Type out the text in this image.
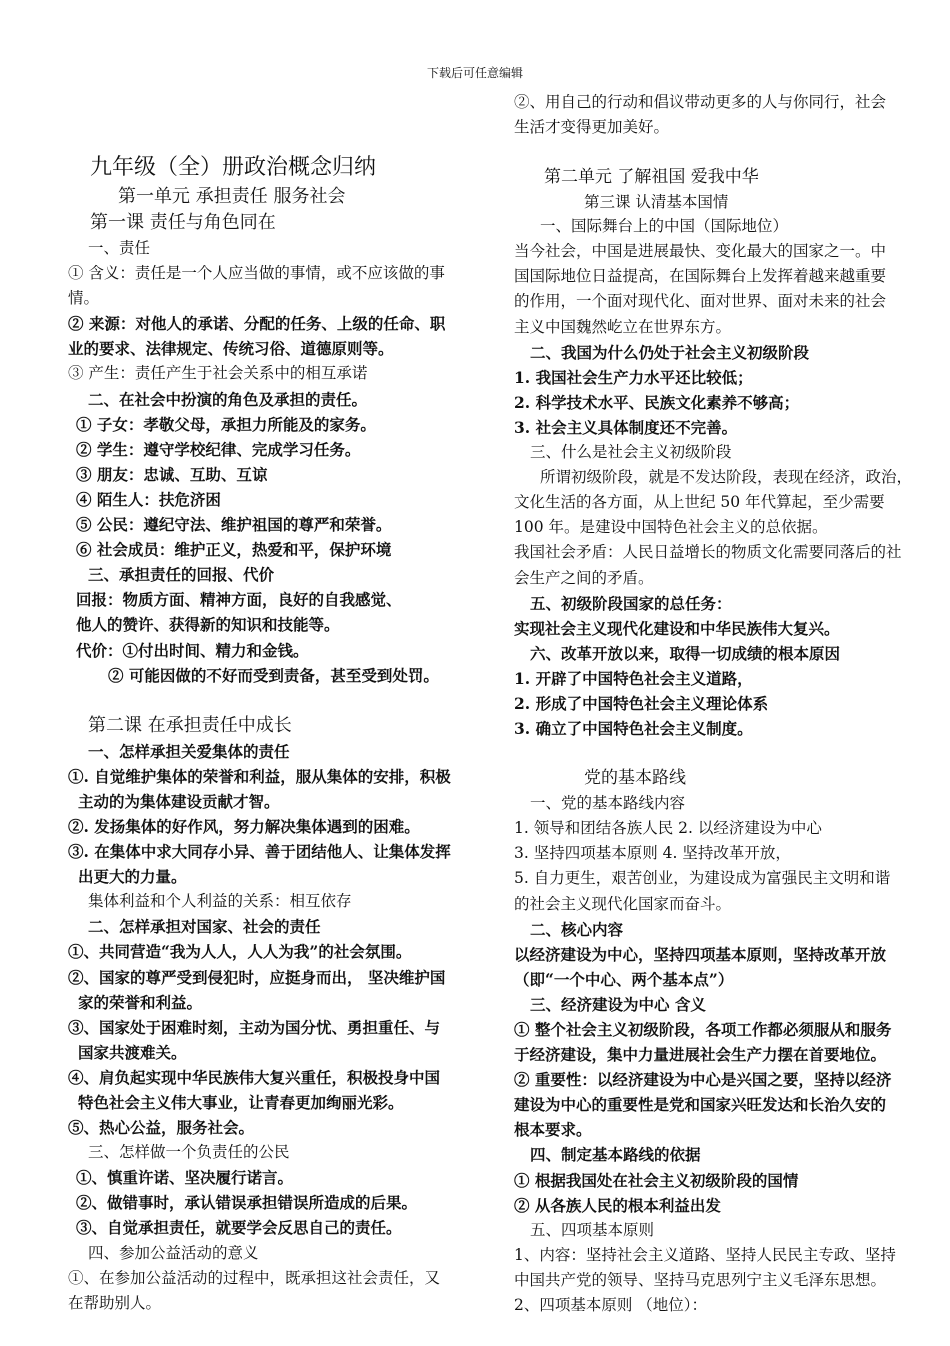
下载后可任意编辑
九年级（全）册政治概念归纳
第一单元 承担责任 服务社会
第一课 责任与角色同在
一、责任
① 含义：责任是一个人应当做的事情，或不应该做的事
情。
② 来源：对他人的承诺、分配的任务、上级的任命、职
业的要求、法律规定、传统习俗、道德原则等。
③ 产生：责任产生于社会关系中的相互承诺
二、在社会中扮演的角色及承担的责任。
① 子女：孝敬父母，承担力所能及的家务。
② 学生：遵守学校纪律、完成学习任务。
③ 朋友：忠诚、互助、互谅
④ 陌生人：扶危济困
⑤ 公民：遵纪守法、维护祖国的尊严和荣誉。
⑥ 社会成员：维护正义，热爱和平，保护环境
三、承担责任的回报、代价
回报：物质方面、精神方面，良好的自我感觉、
他人的赞许、获得新的知识和技能等。
代价：①付出时间、精力和金钱。
② 可能因做的不好而受到责备，甚至受到处罚。
第二课 在承担责任中成长
一、怎样承担关爱集体的责任
①. 自觉维护集体的荣誉和利益，服从集体的安排，积极
主动的为集体建设贡献才智。
②. 发扬集体的好作风，努力解决集体遇到的困难。
③. 在集体中求大同存小异、善于团结他人、让集体发挥
出更大的力量。
集体利益和个人利益的关系：相互依存
二、怎样承担对国家、社会的责任
①、共同营造“我为人人，人人为我”的社会氛围。
②、国家的尊严受到侵犯时，应挺身而出， 坚决维护国
家的荣誉和利益。
③、国家处于困难时刻，主动为国分忧、勇担重任、与
国家共渡难关。
④、肩负起实现中华民族伟大复兴重任，积极投身中国
特色社会主义伟大事业，让青春更加绚丽光彩。
⑤、热心公益，服务社会。
三、怎样做一个负责任的公民
①、慎重许诺、坚决履行诺言。
②、做错事时，承认错误承担错误所造成的后果。
③、自觉承担责任，就要学会反思自己的责任。
四、参加公益活动的意义
①、在参加公益活动的过程中，既承担这社会责任，又
在帮助别人。
②、用自己的行动和倡议带动更多的人与你同行，社会
生活才变得更加美好。
第二单元 了解祖国 爱我中华
第三课 认清基本国情
一、国际舞台上的中国（国际地位）
当今社会，中国是进展最快、变化最大的国家之一。中
国国际地位日益提高，在国际舞台上发挥着越来越重要
的作用，一个面对现代化、面对世界、面对未来的社会
主义中国魏然屹立在世界东方。
二、我国为什么仍处于社会主义初级阶段
1. 我国社会生产力水平还比较低；
2. 科学技术水平、民族文化素养不够高；
3. 社会主义具体制度还不完善。
三、什么是社会主义初级阶段
所谓初级阶段，就是不发达阶段，表现在经济，政治，
文化生活的各方面，从上世纪 50 年代算起，至少需要
100 年。是建设中国特色社会主义的总依据。
我国社会矛盾：人民日益增长的物质文化需要同落后的社
会生产之间的矛盾。
五、初级阶段国家的总任务：
实现社会主义现代化建设和中华民族伟大复兴。
六、改革开放以来，取得一切成绩的根本原因
1. 开辟了中国特色社会主义道路，
2. 形成了中国特色社会主义理论体系
3. 确立了中国特色社会主义制度。
党的基本路线
一、党的基本路线内容
1. 领导和团结各族人民 2. 以经济建设为中心
3. 坚持四项基本原则 4. 坚持改革开放，
5. 自力更生，艰苦创业，为建设成为富强民主文明和谐
的社会主义现代化国家而奋斗。
二、核心内容
以经济建设为中心，坚持四项基本原则，坚持改革开放
（即“一个中心、两个基本点”）
三、经济建设为中心 含义
① 整个社会主义初级阶段，各项工作都必须服从和服务
于经济建设，集中力量进展社会生产力摆在首要地位。
② 重要性：以经济建设为中心是兴国之要，坚持以经济
建设为中心的重要性是党和国家兴旺发达和长治久安的
根本要求。
四、制定基本路线的依据
① 根据我国处在社会主义初级阶段的国情
② 从各族人民的根本利益出发
五、四项基本原则
1、内容：坚持社会主义道路、坚持人民民主专政、坚持
中国共产党的领导、坚持马克思列宁主义毛泽东思想。
2、四项基本原则 （地位）：
